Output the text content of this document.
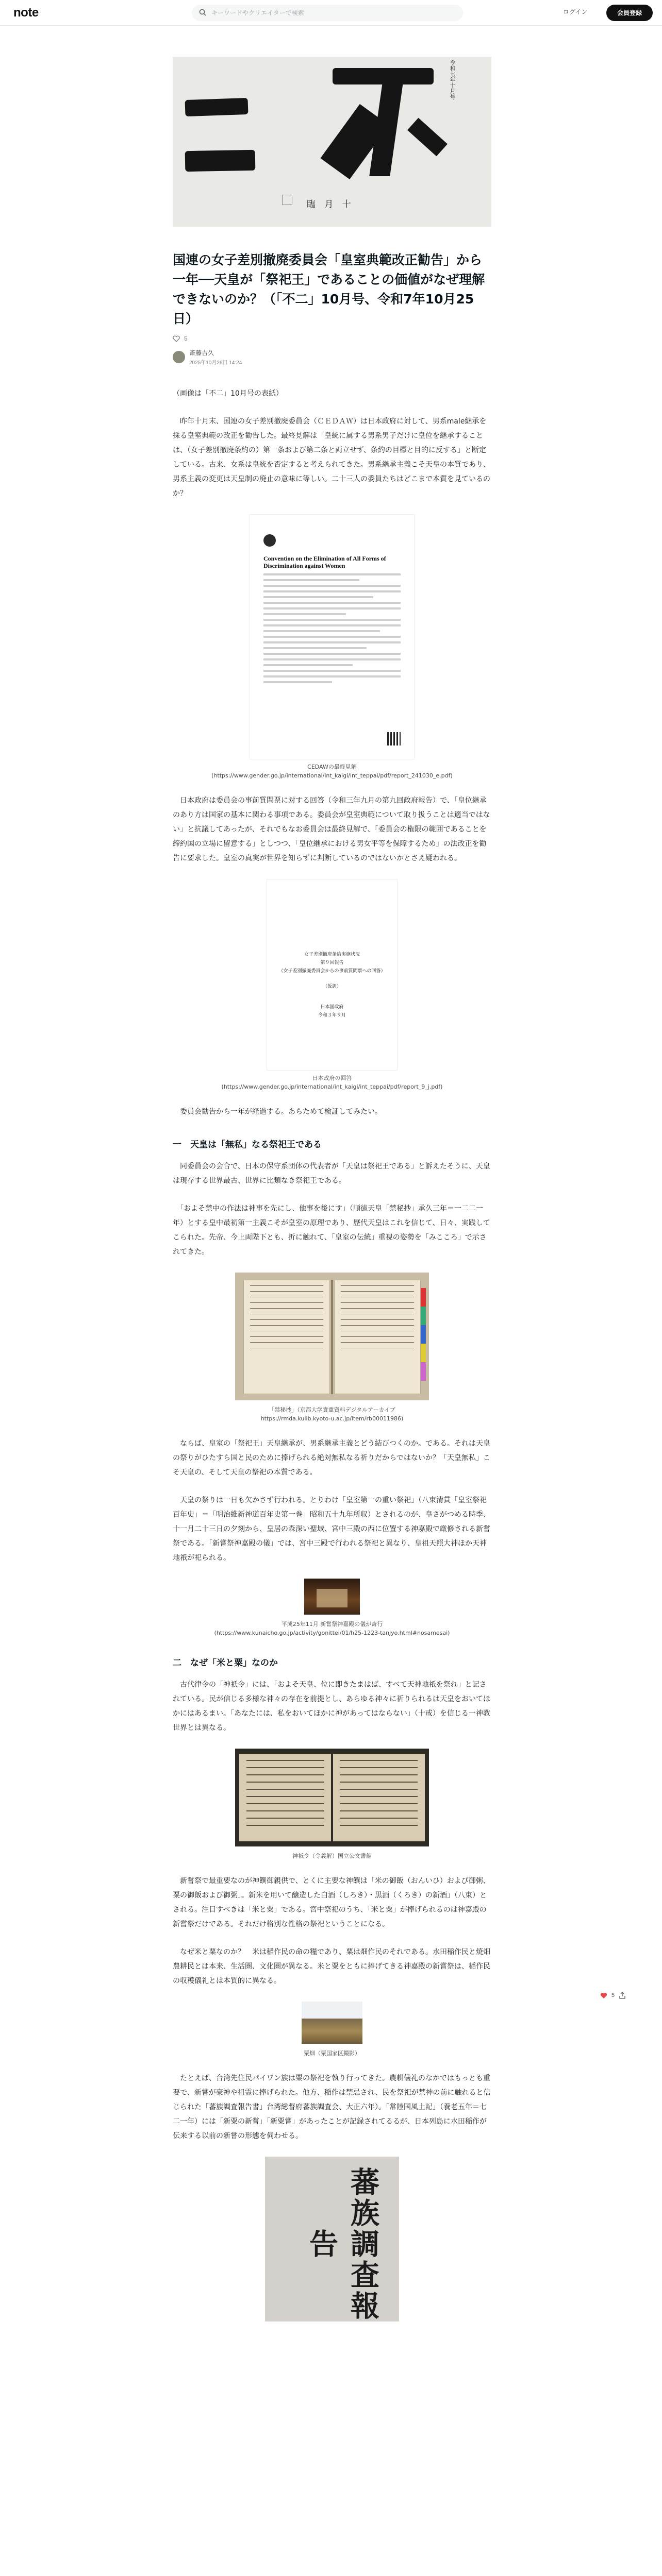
note
キーワードやクリエイターで検索	ログイン	会員登録
令和七年十月号
臨 月 十
国連の女子差別撤廃委員会「皇室典範改正勧告」から一年──天皇が「祭祀王」であることの価値がなぜ理解できないのか？（「不二」10月号、令和7年10月25日）
5
斎藤吉久
2025年10月26日 14:24

（画像は「不二」10月号の表紙）

　昨年十月末、国連の女子差別撤廃委員会（ＣＥＤＡＷ）は日本政府に対して、男系male継承を採る皇室典範の改正を勧告した。最終見解は「皇統に属する男系男子だけに皇位を継承することは、（女子差別撤廃条約の）第一条および第二条と両立せず、条約の目標と目的に反する」と断定している。古来、女系は皇統を否定すると考えられてきた。男系継承主義こそ天皇の本質であり、男系主義の変更は天皇制の廃止の意味に等しい。二十三人の委員たちはどこまで本質を見ているのか？

Convention on the Elimination of All Forms of Discrimination against Women
CEDAWの最終見解
(https://www.gender.go.jp/international/int_kaigi/int_teppai/pdf/report_241030_e.pdf)

　日本政府は委員会の事前質問票に対する回答（令和三年九月の第九回政府報告）で、「皇位継承のあり方は国家の基本に関わる事項である。委員会が皇室典範について取り扱うことは適当ではない」と抗議してあったが、それでもなお委員会は最終見解で、「委員会の権限の範囲であることを締約国の立場に留意する」としつつ、「皇位継承における男女平等を保障するため」の法改正を勧告に要求した。皇室の真実が世界を知らずに判断しているのではないかとさえ疑われる。

女子差別撤廃条約実施状況
第９回報告
（女子差別撤廃委員会からの事前質問票への回答）
（仮訳）
日本国政府
令和３年９月
日本政府の回答
(https://www.gender.go.jp/international/int_kaigi/int_teppai/pdf/report_9_j.pdf)

　委員会勧告から一年が経過する。あらためて検証してみたい。

一　天皇は「無私」なる祭祀王である

　同委員会の会合で、日本の保守系団体の代表者が「天皇は祭祀王である」と訴えたそうに、天皇は現存する世界最古、世界に比類なき祭祀王である。

　「およそ禁中の作法は神事を先にし、他事を後にす」（順徳天皇「禁秘抄」承久三年＝一二二一年）とする皇中最初第一主義こそが皇室の原理であり、歴代天皇はこれを信じて、日々、実践してこられた。先帝、今上両陛下とも、折に触れて、「皇室の伝統」重視の姿勢を「みこころ」で示されてきた。

「禁秘抄」（京都大学貴重資料デジタルアーカイブ
https://rmda.kulib.kyoto-u.ac.jp/item/rb00011986)

　ならば、皇室の「祭祀王」天皇継承が、男系継承主義とどう結びつくのか。である。それは天皇の祭りがひたすら国と民のために捧げられる絶対無私なる祈りだからではないか？「天皇無私」こそ天皇の、そして天皇の祭祀の本質である。

　天皇の祭りは一日も欠かさず行われる。とりわけ「皇室第一の重い祭祀」（八束清貫「皇室祭祀百年史」＝「明治維新神道百年史第一巻」昭和五十九年所収）とされるのが、皇さがつめる時季、十一月二十三日の夕刻から、皇居の森深い聖域、宮中三殿の西に位置する神嘉殿で厳修される新嘗祭である。「新嘗祭神嘉殿の儀」では、宮中三殿で行われる祭祀と異なり、皇祖天照大神ほか天神地祇が祀られる。

平成25年11月 新嘗祭神嘉殿の儀が斎行
(https://www.kunaicho.go.jp/activity/gonittei/01/h25-1223-tanjyo.html#nosamesai)
二　なぜ「米と粟」なのか

　古代律令の「神祇令」には、「およそ天皇、位に即きたまはば、すべて天神地祇を祭れ」と記されている。民が信じる多様な神々の存在を前提とし、あらゆる神々に祈りられるは天皇をおいてほかにはあるまい。「あなたには、私をおいてほかに神があってはならない」（十戒）を信じる一神教世界とは異なる。

神祇令（令義解）国立公文書館

　新嘗祭で最重要なのが神饌御親供で、とくに主要な神饌は「米の御飯（おんいひ）および御粥、粟の御飯および御粥」。新米を用いて醸造した白酒（しろき）・黒酒（くろき）の新酒」（八束）とされる。注目すべきは「米と粟」である。宮中祭祀のうち、「米と粟」が捧げられるのは神嘉殿の新嘗祭だけである。それだけ格別な性格の祭祀ということになる。

　なぜ米と粟なのか？　米は稲作民の命の糧であり、粟は畑作民のそれである。水田稲作民と焼畑農耕民とは本来、生活圏、文化圏が異なる。米と粟をともに捧げてきる神嘉殿の新嘗祭は、稲作民の収穫儀礼とは本質的に異なる。

粟畑（粟国家区撮影）

　たとえば、台湾先住民パイワン族は粟の祭祀を執り行ってきた。農耕儀礼のなかではもっとも重要で、新嘗が豪神や祖霊に捧げられた。他方、稲作は禁忌され、民を祭祀が禁神の前に触れると信じられた「蕃族調査報告書」台湾総督府蕃族調査会、大正六年）。「常陸国風土記」（養老五年＝七二一年）には「新粟の新嘗」「新粟嘗」があったことが記録されてるるが、日本列島に水田稲作が伝来する以前の新嘗の形態を伺わせる。

蕃族調査報告
5
